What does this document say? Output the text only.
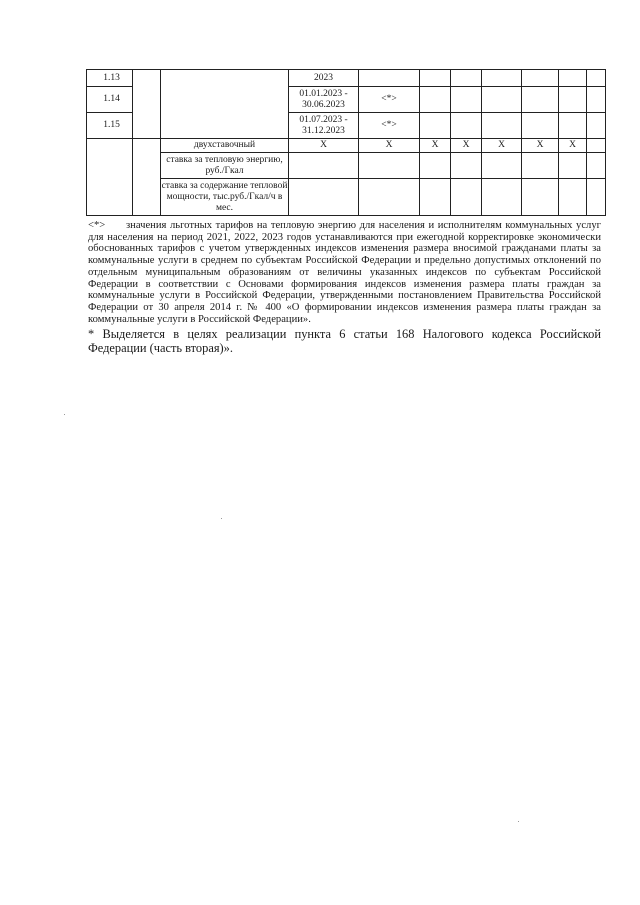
1.13			2023							
1.14			01.01.2023 - 30.06.2023	<*>						
1.15			01.07.2023 - 31.12.2023	<*>						
		двухставочный	Х	Х	Х	Х	Х	Х	Х	
		ставка за тепловую энергию, руб./Гкал								
		ставка за содержание тепловой мощности, тыс.руб./Гкал/ч в мес.								

<*> значения льготных тарифов на тепловую энергию для населения и исполнителям коммунальных услуг для населения на период 2021, 2022, 2023 годов устанавливаются при ежегодной корректировке экономически обоснованных тарифов с учетом утвержденных индексов изменения размера вносимой гражданами платы за коммунальные услуги в среднем по субъектам Российской Федерации и предельно допустимых отклонений по отдельным муниципальным образованиям от величины указанных индексов по субъектам Российской Федерации в соответствии с Основами формирования индексов изменения размера платы граждан за коммунальные услуги в Российской Федерации, утвержденными постановлением Правительства Российской Федерации от 30 апреля 2014 г. № 400 «О формировании индексов изменения размера платы граждан за коммунальные услуги в Российской Федерации».

* Выделяется в целях реализации пункта 6 статьи 168 Налогового кодекса Российской Федерации (часть вторая)».
